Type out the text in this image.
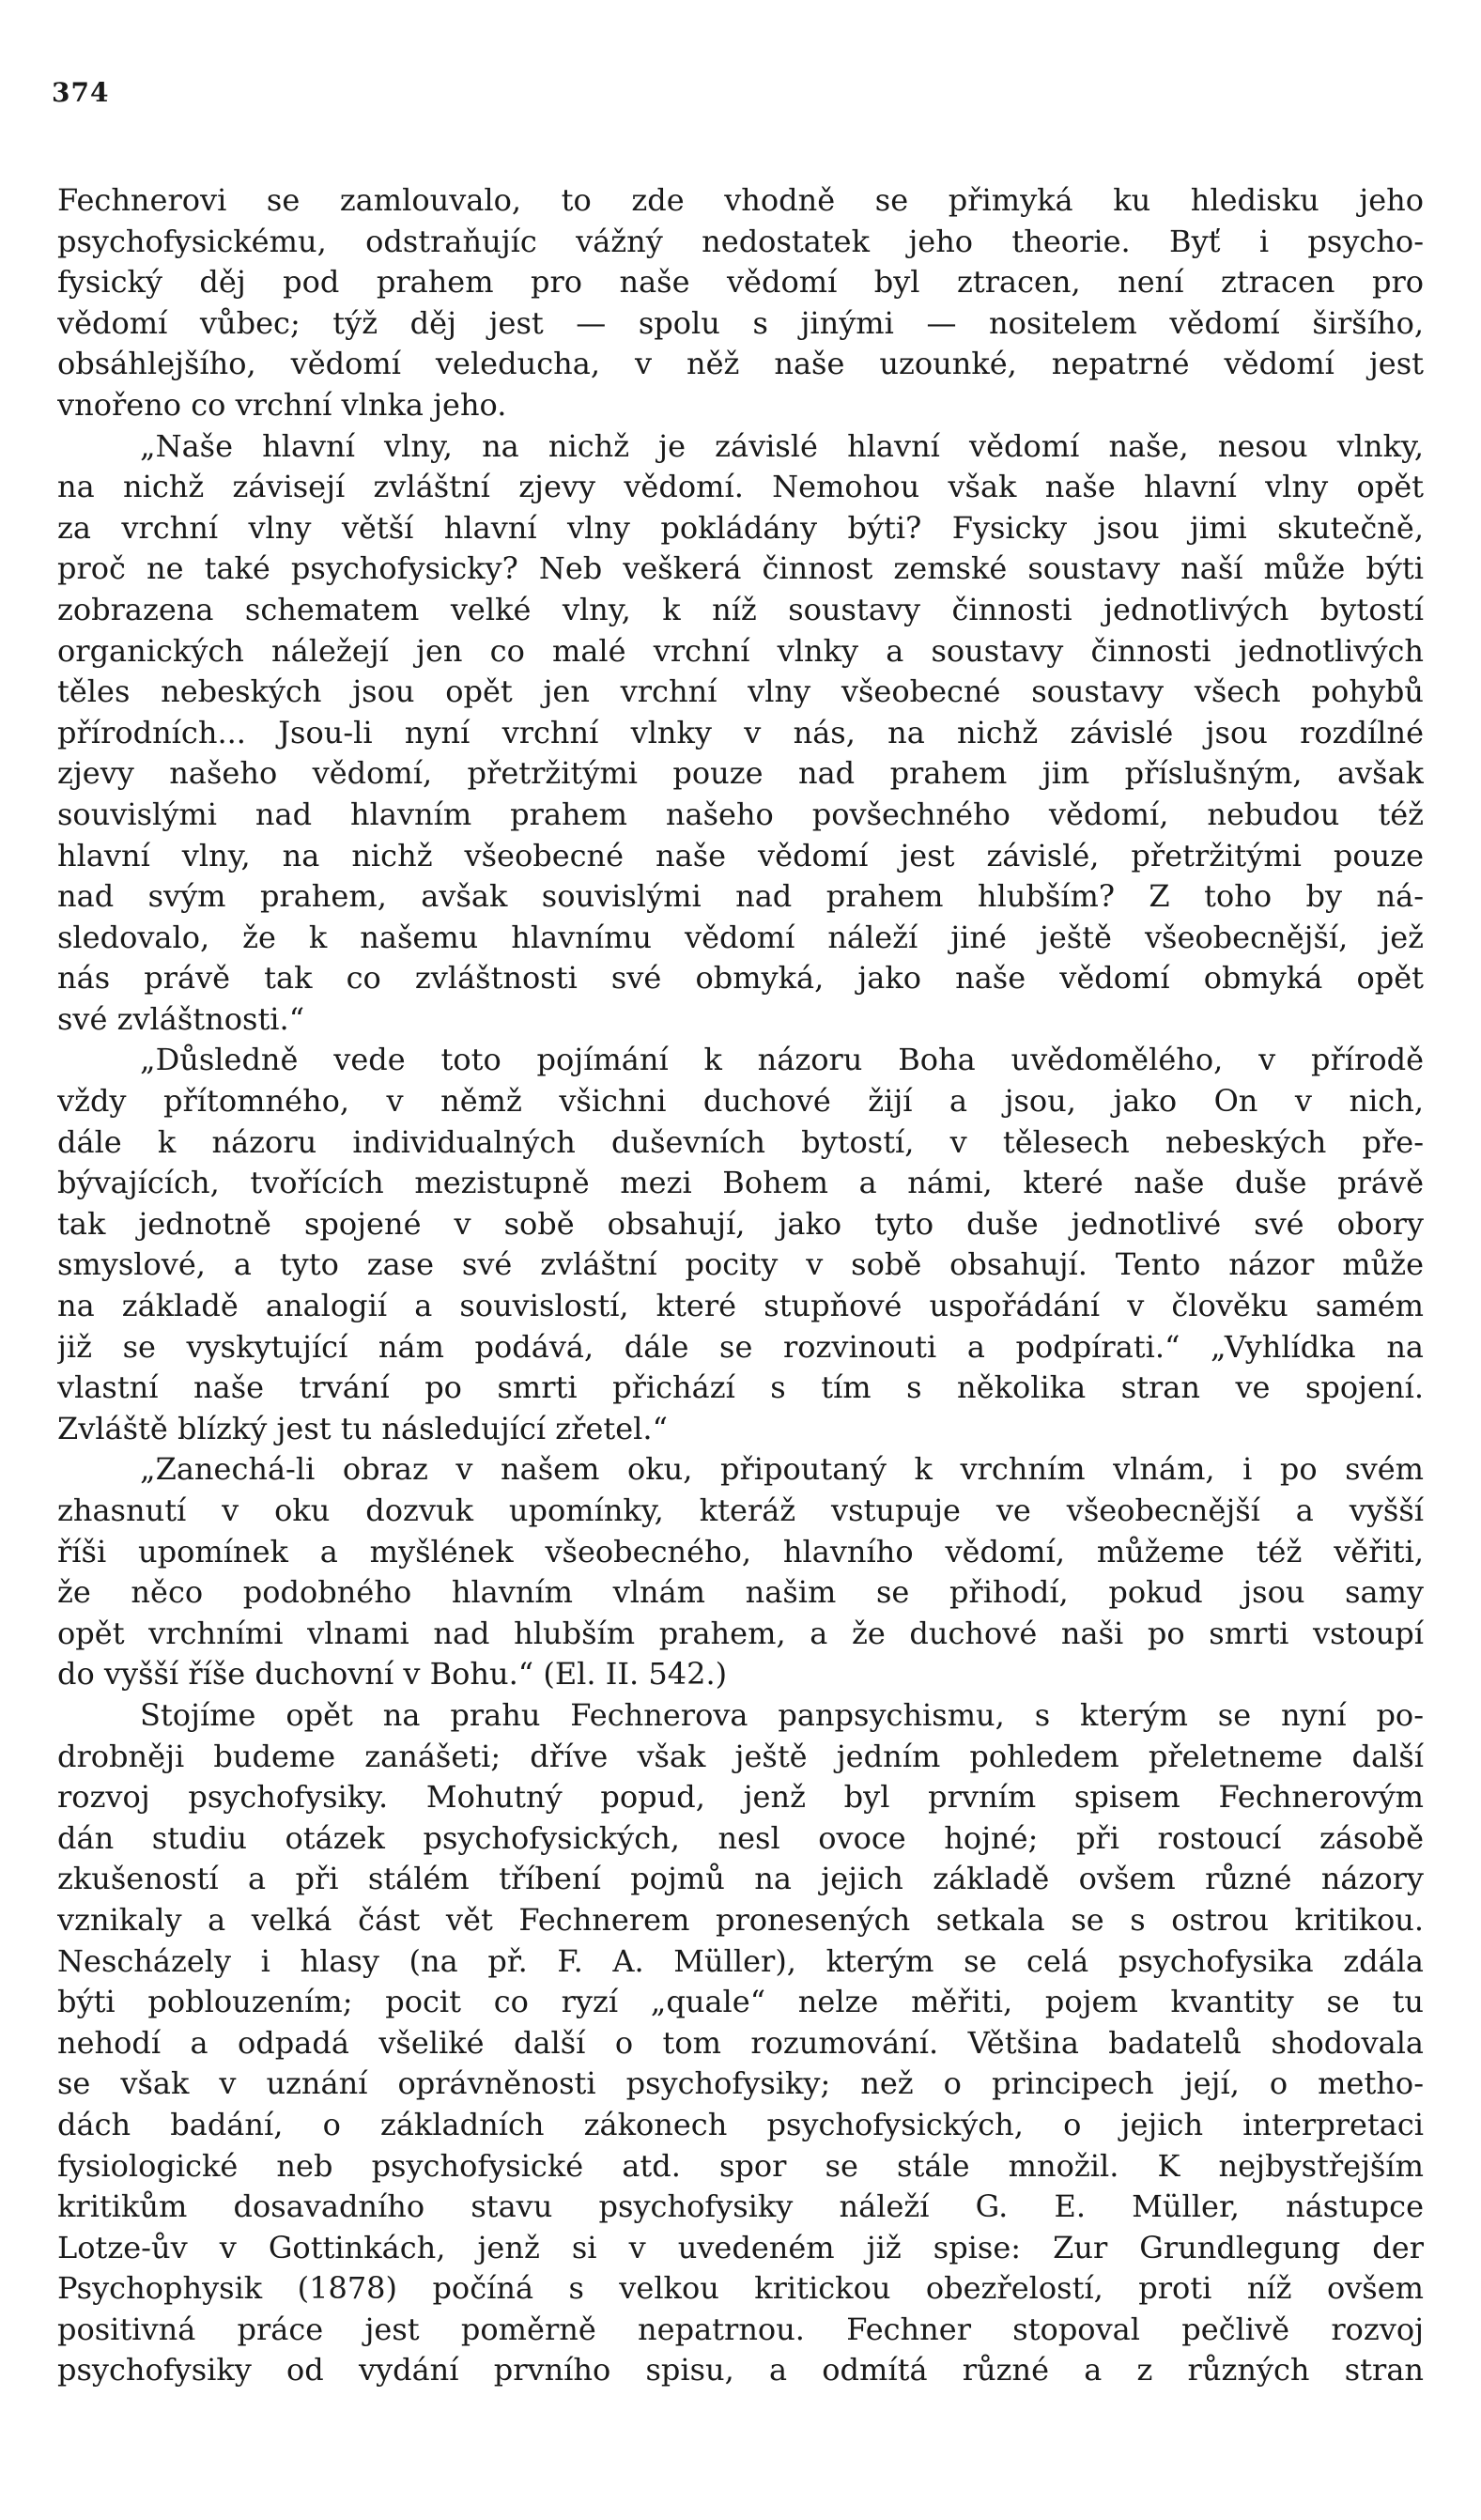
374
Fechnerovi se zamlouvalo, to zde vhodně se přimyká ku hledisku jeho
psychofysickému, odstraňujíc vážný nedostatek jeho theorie. Byť i psycho-
fysický děj pod prahem pro naše vědomí byl ztracen, není ztracen pro
vědomí vůbec; týž děj jest — spolu s jinými — nositelem vědomí širšího,
obsáhlejšího, vědomí veleducha, v něž naše uzounké, nepatrné vědomí jest
vnořeno co vrchní vlnka jeho.
„Naše hlavní vlny, na nichž je závislé hlavní vědomí naše, nesou vlnky,
na nichž závisejí zvláštní zjevy vědomí. Nemohou však naše hlavní vlny opět
za vrchní vlny větší hlavní vlny pokládány býti? Fysicky jsou jimi skutečně,
proč ne také psychofysicky? Neb veškerá činnost zemské soustavy naší může býti
zobrazena schematem velké vlny, k níž soustavy činnosti jednotlivých bytostí
organických náležejí jen co malé vrchní vlnky a soustavy činnosti jednotlivých
těles nebeských jsou opět jen vrchní vlny všeobecné soustavy všech pohybů
přírodních... Jsou-li nyní vrchní vlnky v nás, na nichž závislé jsou rozdílné
zjevy našeho vědomí, přetržitými pouze nad prahem jim příslušným, avšak
souvislými nad hlavním prahem našeho povšechného vědomí, nebudou též
hlavní vlny, na nichž všeobecné naše vědomí jest závislé, přetržitými pouze
nad svým prahem, avšak souvislými nad prahem hlubším? Z toho by ná-
sledovalo, že k našemu hlavnímu vědomí náleží jiné ještě všeobecnější, jež
nás právě tak co zvláštnosti své obmyká, jako naše vědomí obmyká opět
své zvláštnosti.“
„Důsledně vede toto pojímání k názoru Boha uvědomělého, v přírodě
vždy přítomného, v němž všichni duchové žijí a jsou, jako On v nich,
dále k názoru individualných duševních bytostí, v tělesech nebeských pře-
bývajících, tvořících mezistupně mezi Bohem a námi, které naše duše právě
tak jednotně spojené v sobě obsahují, jako tyto duše jednotlivé své obory
smyslové, a tyto zase své zvláštní pocity v sobě obsahují. Tento názor může
na základě analogií a souvislostí, které stupňové uspořádání v člověku samém
již se vyskytující nám podává, dále se rozvinouti a podpírati.“ „Vyhlídka na
vlastní naše trvání po smrti přichází s tím s několika stran ve spojení.
Zvláště blízký jest tu následující zřetel.“
„Zanechá-li obraz v našem oku, připoutaný k vrchním vlnám, i po svém
zhasnutí v oku dozvuk upomínky, kteráž vstupuje ve všeobecnější a vyšší
říši upomínek a myšlének všeobecného, hlavního vědomí, můžeme též věřiti,
že něco podobného hlavním vlnám našim se přihodí, pokud jsou samy
opět vrchními vlnami nad hlubším prahem, a že duchové naši po smrti vstoupí
do vyšší říše duchovní v Bohu.“ (El. II. 542.)
Stojíme opět na prahu Fechnerova panpsychismu, s kterým se nyní po-
drobněji budeme zanášeti; dříve však ještě jedním pohledem přeletneme další
rozvoj psychofysiky. Mohutný popud, jenž byl prvním spisem Fechnerovým
dán studiu otázek psychofysických, nesl ovoce hojné; při rostoucí zásobě
zkušeností a při stálém tříbení pojmů na jejich základě ovšem různé názory
vznikaly a velká část vět Fechnerem pronesených setkala se s ostrou kritikou.
Nescházely i hlasy (na př. F. A. Müller), kterým se celá psychofysika zdála
býti poblouzením; pocit co ryzí „quale“ nelze měřiti, pojem kvantity se tu
nehodí a odpadá všeliké další o tom rozumování. Většina badatelů shodovala
se však v uznání oprávněnosti psychofysiky; než o principech její, o metho-
dách badání, o základních zákonech psychofysických, o jejich interpretaci
fysiologické neb psychofysické atd. spor se stále množil. K nejbystřejším
kritikům dosavadního stavu psychofysiky náleží G. E. Müller, nástupce
Lotze-ův v Gottinkách, jenž si v uvedeném již spise: Zur Grundlegung der
Psychophysik (1878) počíná s velkou kritickou obezřelostí, proti níž ovšem
positivná práce jest poměrně nepatrnou. Fechner stopoval pečlivě rozvoj
psychofysiky od vydání prvního spisu, a odmítá různé a z různých stran
